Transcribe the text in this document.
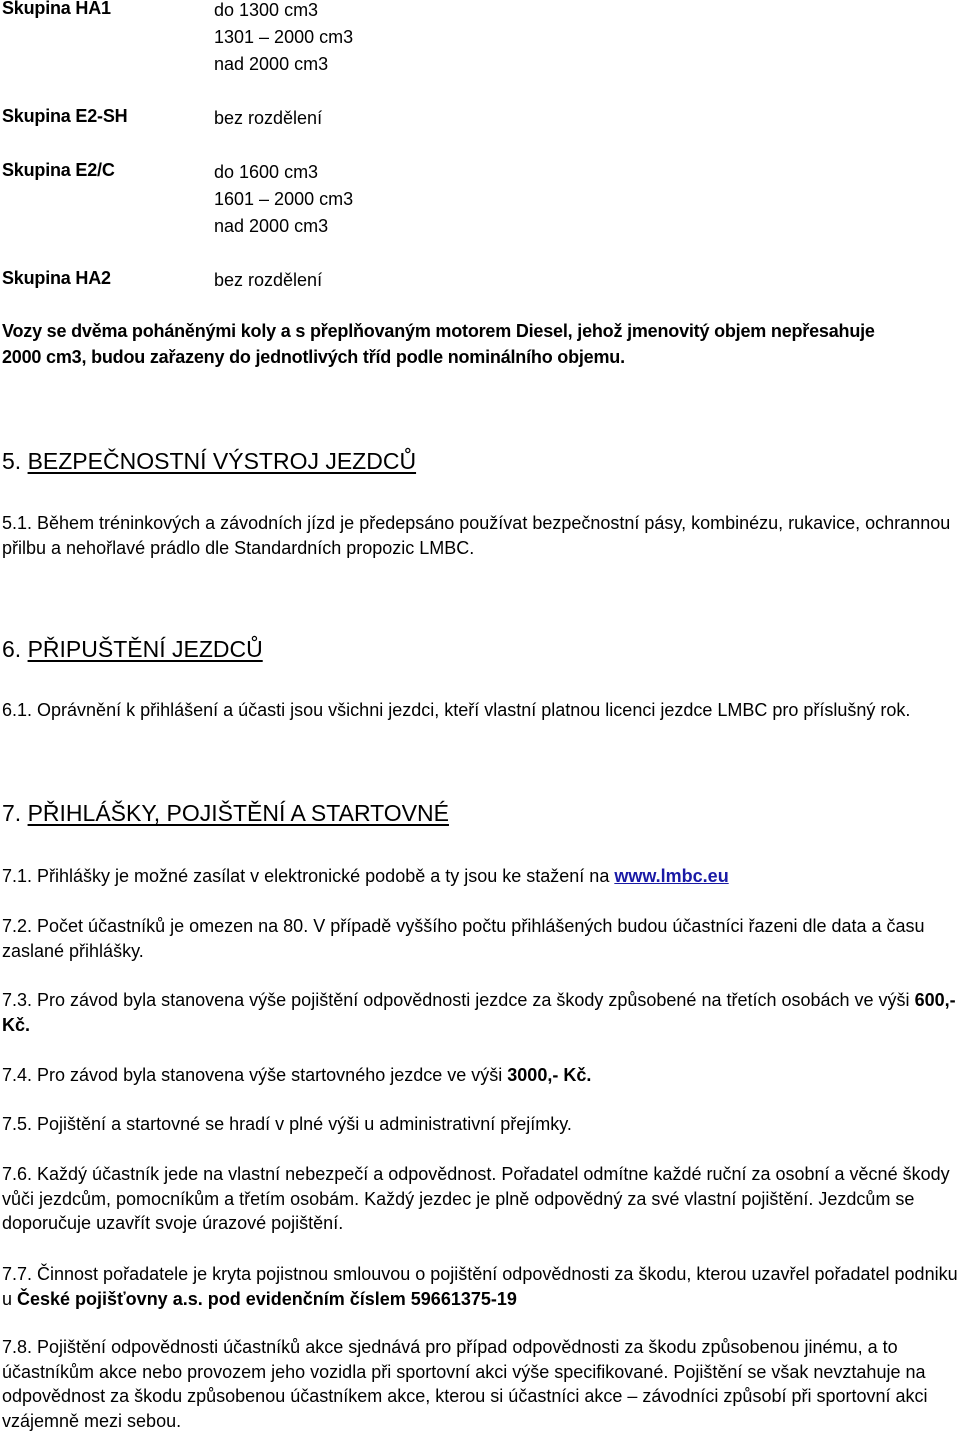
Skupina HA1	do 1300 cm3
1301 – 2000 cm3
nad 2000 cm3
Skupina E2-SH	bez rozdělení
Skupina E2/C	do 1600 cm3
1601 – 2000 cm3
nad 2000 cm3
Skupina HA2	bez rozdělení
Vozy se dvěma poháněnými koly a s přeplňovaným motorem Diesel, jehož jmenovitý objem nepřesahuje 2000 cm3, budou zařazeny do jednotlivých tříd podle nominálního objemu.
5. BEZPEČNOSTNÍ VÝSTROJ JEZDCŮ
5.1. Během tréninkových a závodních jízd je předepsáno používat bezpečnostní pásy, kombinézu, rukavice, ochrannou přilbu a nehořlavé prádlo dle Standardních propozic LMBC.
6. PŘIPUŠTĚNÍ JEZDCŮ
6.1. Oprávnění k přihlášení a účasti jsou všichni jezdci, kteří vlastní platnou licenci jezdce LMBC pro příslušný rok.
7. PŘIHLÁŠKY, POJIŠTĚNÍ A STARTOVNÉ
7.1. Přihlášky je možné zasílat v elektronické podobě a ty jsou ke stažení na www.lmbc.eu
7.2. Počet účastníků je omezen na 80. V případě vyššího počtu přihlášených budou účastníci řazeni dle data a času zaslané přihlášky.
7.3. Pro závod byla stanovena výše pojištění odpovědnosti jezdce za škody způsobené na třetích osobách ve výši 600,- Kč.
7.4. Pro závod byla stanovena výše startovného jezdce ve výši 3000,- Kč.
7.5. Pojištění a startovné se hradí v plné výši u administrativní přejímky.
7.6. Každý účastník jede na vlastní nebezpečí a odpovědnost. Pořadatel odmítne každé ruční za osobní a věcné škody vůči jezdcům, pomocníkům a třetím osobám. Každý jezdec je plně odpovědný za své vlastní pojištění. Jezdcům se doporučuje uzavřít svoje úrazové pojištění.
7.7. Činnost pořadatele je kryta pojistnou smlouvou o pojištění odpovědnosti za škodu, kterou uzavřel pořadatel podniku u České pojišťovny a.s. pod evidenčním číslem 59661375-19
7.8. Pojištění odpovědnosti účastníků akce sjednává pro případ odpovědnosti za škodu způsobenou jinému, a to účastníkům akce nebo provozem jeho vozidla při sportovní akci výše specifikované. Pojištění se však nevztahuje na odpovědnost za škodu způsobenou účastníkem akce, kterou si účastníci akce – závodníci způsobí při sportovní akci vzájemně mezi sebou.
